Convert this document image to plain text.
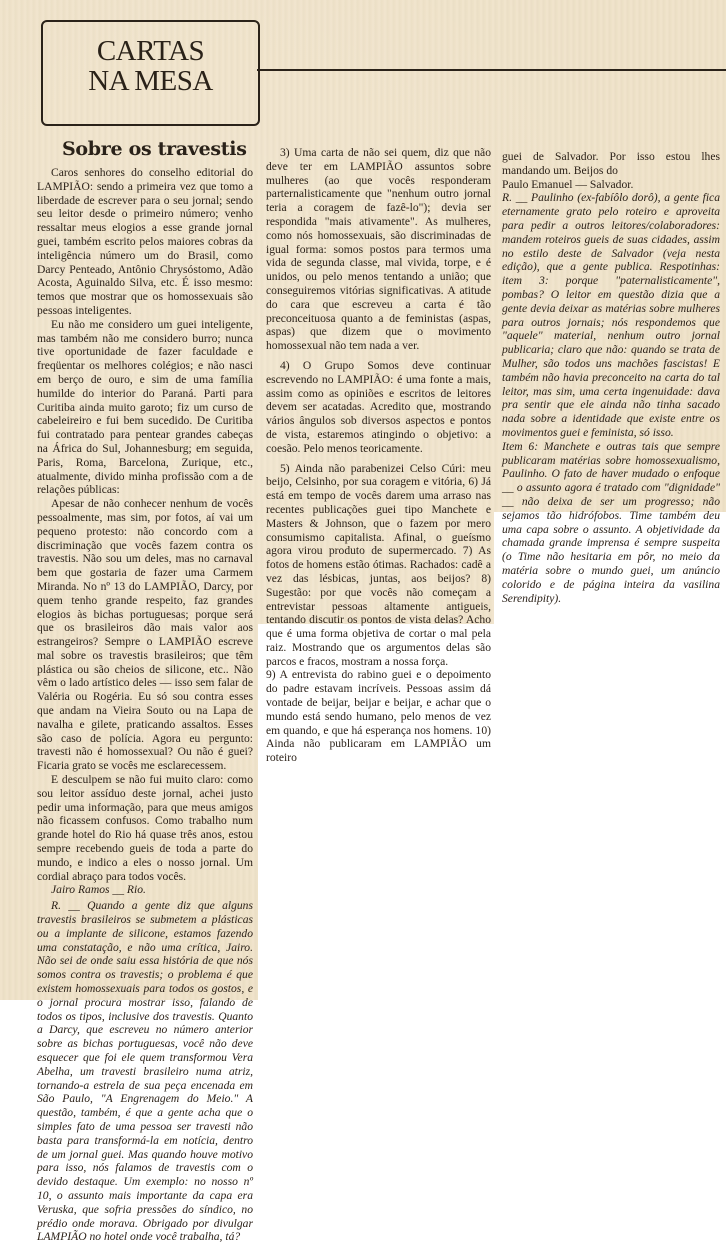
CARTAS
NA MESA
Sobre os travestis

Caros senhores do conselho editorial do LAMPIÃO: sendo a primeira vez que tomo a liberdade de escrever para o seu jornal; sendo seu leitor desde o primeiro número; venho ressaltar meus elogios a esse grande jornal guei, também escrito pelos maiores cobras da inteligência número um do Brasil, como Darcy Penteado, Antônio Chrysóstomo, Adão Acosta, Aguinaldo Silva, etc. É isso mesmo: temos que mostrar que os homossexuais são pessoas inteligentes.

Eu não me considero um guei inteligente, mas também não me considero burro; nunca tive oportunidade de fazer faculdade e freqüentar os melhores colégios; e não nasci em berço de ouro, e sim de uma família humilde do interior do Paraná. Parti para Curitiba ainda muito garoto; fiz um curso de cabeleireiro e fui bem sucedido. De Curitiba fui contratado para pentear grandes cabeças na África do Sul, Johannesburg; em seguida, Paris, Roma, Barcelona, Zurique, etc., atualmente, divido minha profissão com a de relações públicas:

Apesar de não conhecer nenhum de vocês pessoalmente, mas sim, por fotos, aí vai um pequeno protesto: não concordo com a discriminação que vocês fazem contra os travestis. Não sou um deles, mas no carnaval bem que gostaria de fazer uma Carmem Miranda. No nº 13 do LAMPIÃO, Darcy, por quem tenho grande respeito, faz grandes elogios às bichas portuguesas; porque será que os brasileiros dão mais valor aos estrangeiros? Sempre o LAMPIÃO escreve mal sobre os travestis brasileiros; que têm plástica ou são cheios de silicone, etc.. Não vêm o lado artístico deles — isso sem falar de Valéria ou Rogéria. Eu só sou contra esses que andam na Vieira Souto ou na Lapa de navalha e gilete, praticando assaltos. Esses são caso de polícia. Agora eu pergunto: travesti não é homossexual? Ou não é guei? Ficaria grato se vocês me esclarecessem.

E desculpem se não fui muito claro: como sou leitor assíduo deste jornal, achei justo pedir uma informação, para que meus amigos não ficassem confusos. Como trabalho num grande hotel do Rio há quase três anos, estou sempre recebendo gueis de toda a parte do mundo, e indico a eles o nosso jornal. Um cordial abraço para todos vocês.

Jairo Ramos __ Rio.

R. __ Quando a gente diz que alguns travestis brasileiros se submetem a plásticas ou a implante de silicone, estamos fazendo uma constatação, e não uma crítica, Jairo. Não sei de onde saiu essa história de que nós somos contra os travestis; o problema é que existem homossexuais para todos os gostos, e o jornal procura mostrar isso, falando de todos os tipos, inclusive dos travestis. Quanto a Darcy, que escreveu no número anterior sobre as bichas portuguesas, você não deve esquecer que foi ele quem transformou Vera Abelha, um travesti brasileiro numa atriz, tornando-a estrela de sua peça encenada em São Paulo, "A Engrenagem do Meio." A questão, também, é que a gente acha que o simples fato de uma pessoa ser travesti não basta para transformá-la em notícia, dentro de um jornal guei. Mas quando houve motivo para isso, nós falamos de travestis com o devido destaque. Um exemplo: no nosso nº 10, o assunto mais importante da capa era Veruska, que sofria pressões do síndico, no prédio onde morava. Obrigado por divulgar LAMPIÃO no hotel onde você trabalha, tá?

3) Uma carta de não sei quem, diz que não deve ter em LAMPIÃO assuntos sobre mulheres (ao que vocês responderam parternalisticamente que "nenhum outro jornal teria a coragem de fazê-lo"); devia ser respondida "mais ativamente". As mulheres, como nós homossexuais, são discriminadas de igual forma: somos postos para termos uma vida de segunda classe, mal vivida, torpe, e é unidos, ou pelo menos tentando a união; que conseguiremos vitórias significativas. A atitude do cara que escreveu a carta é tão preconceituosa quanto a de feministas (aspas, aspas) que dizem que o movimento homossexual não tem nada a ver.

4) O Grupo Somos deve continuar escrevendo no LAMPIÃO: é uma fonte a mais, assim como as opiniões e escritos de leitores devem ser acatadas. Acredito que, mostrando vários ângulos sob diversos aspectos e pontos de vista, estaremos atingindo o objetivo: a coesão. Pelo menos teoricamente.

5) Ainda não parabenizei Celso Cúri: meu beijo, Celsinho, por sua coragem e vitória, 6) Já está em tempo de vocês darem uma arraso nas recentes publicações guei tipo Manchete e Masters & Johnson, que o fazem por mero consumismo capitalista. Afinal, o gueísmo agora virou produto de supermercado. 7) As fotos de homens estão ótimas. Rachados: cadê a vez das lésbicas, juntas, aos beijos? 8) Sugestão: por que vocês não começam a entrevistar pessoas altamente antigueis, tentando discutir os pontos de vista delas? Acho que é uma forma objetiva de cortar o mal pela raiz. Mostrando que os argumentos delas são parcos e fracos, mostram a nossa força.

9) A entrevista do rabino guei e o depoimento do padre estavam incríveis. Pessoas assim dá vontade de beijar, beijar e beijar, e achar que o mundo está sendo humano, pelo menos de vez em quando, e que há esperança nos homens. 10) Ainda não publicaram em LAMPIÃO um roteiro

guei de Salvador. Por isso estou lhes mandando um. Beijos do

Paulo Emanuel — Salvador.

R. __ Paulinho (ex-fabíôlo dorô), a gente fica eternamente grato pelo roteiro e aproveita para pedir a outros leitores/colaboradores: mandem roteiros gueis de suas cidades, assim no estilo deste de Salvador (veja nesta edição), que a gente publica. Respotinhas: item 3: porque "paternalisticamente", pombas? O leitor em questão dizia que a gente devia deixar as matérias sobre mulheres para outros jornais; nós respondemos que "aquele" material, nenhum outro jornal publicaria; claro que não: quando se trata de Mulher, são todos uns machões fascistas! E também não havia preconceito na carta do tal leitor, mas sim, uma certa ingenuidade: dava pra sentir que ele ainda não tinha sacado nada sobre a identidade que existe entre os movimentos guei e feminista, só isso.

Item 6: Manchete e outras tais que sempre publicaram matérias sobre homossexualismo, Paulinho. O fato de haver mudado o enfoque __ o assunto agora é tratado com "dignidade" __ não deixa de ser um progresso; não sejamos tão hidrófobos. Time também deu uma capa sobre o assunto. A objetividade da chamada grande imprensa é sempre suspeita (o Time não hesitaria em pôr, no meio da matéria sobre o mundo guei, um anúncio colorido e de página inteira da vasilina Serendipity).
